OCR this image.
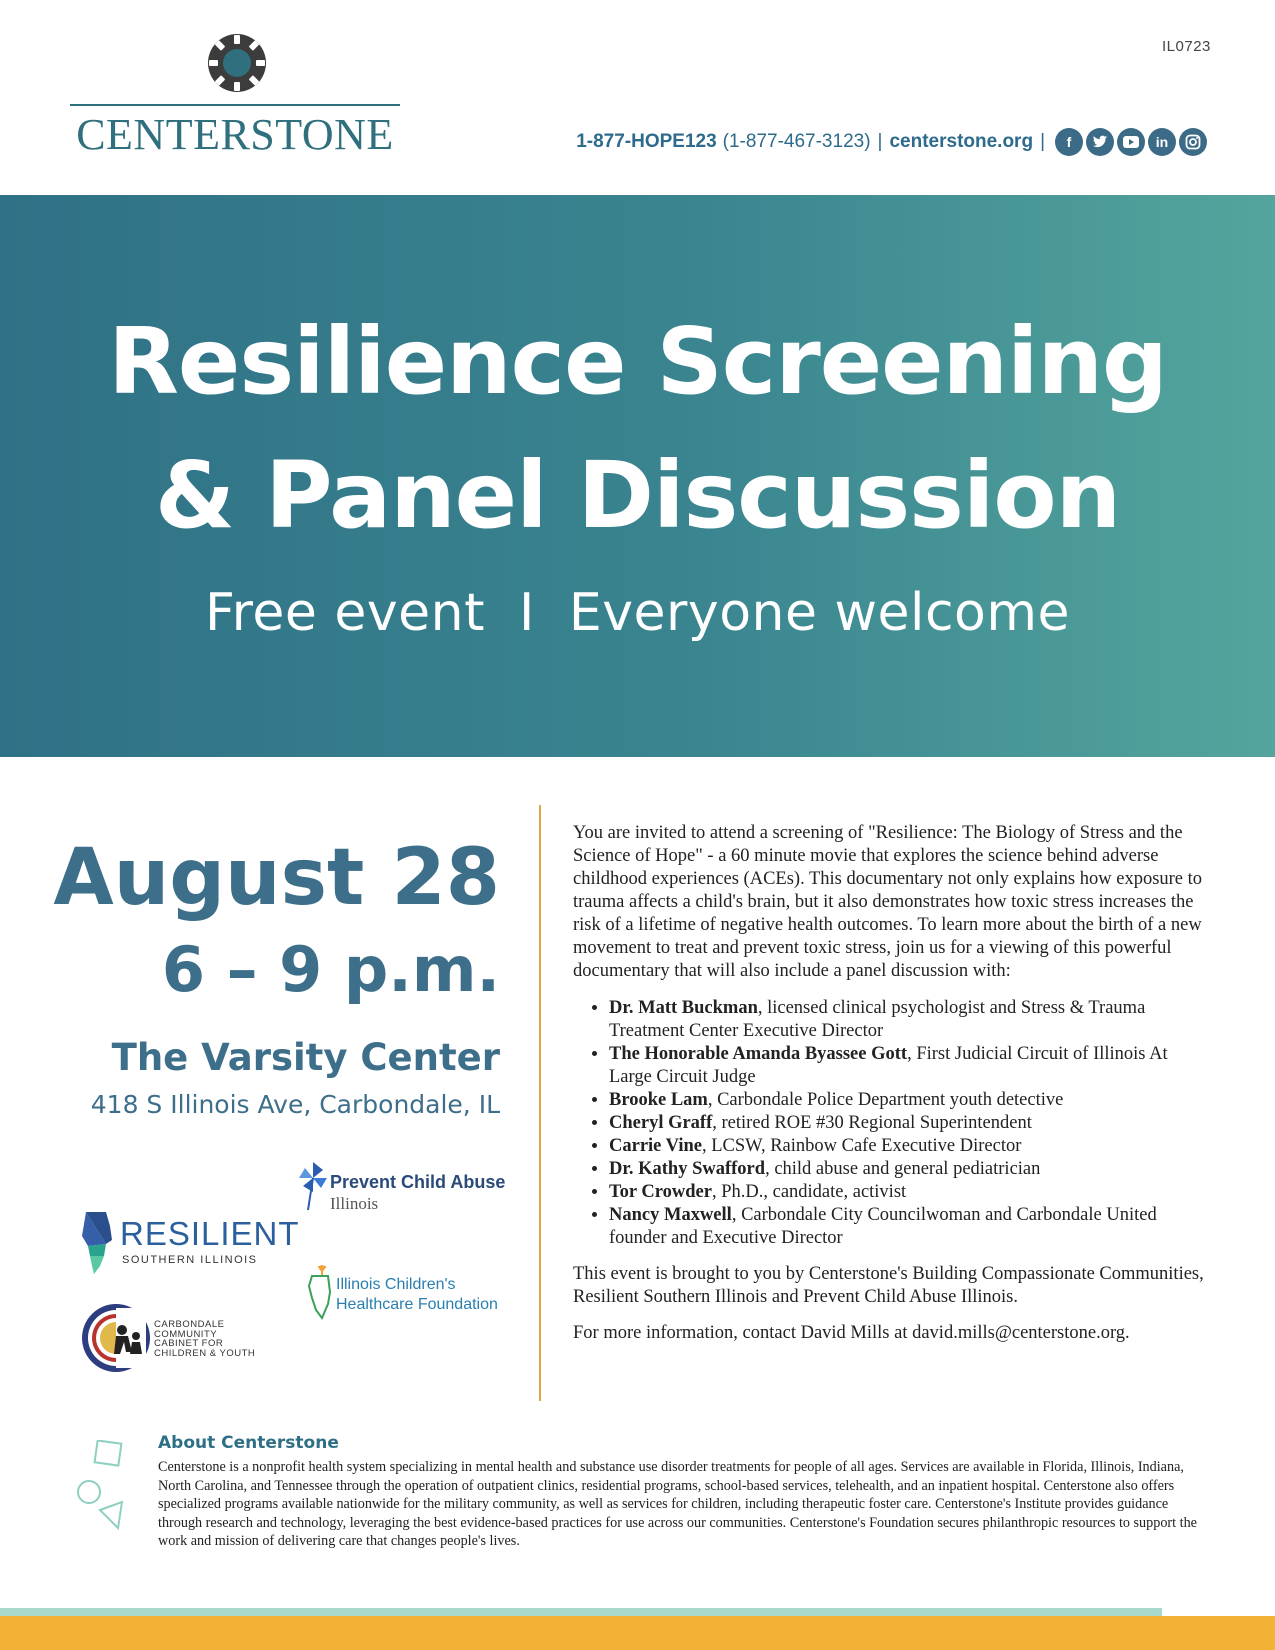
IL0723
CENTERSTONE	1-877-HOPE123 (1-877-467-3123) | centerstone.org |	f	in
Resilience Screening
& Panel Discussion
Free event  I  Everyone welcome
August 28
6 – 9 p.m.
The Varsity Center
418 S Illinois Ave, Carbondale, IL
Prevent Child Abuse
Illinois
RESILIENT
SOUTHERN ILLINOIS
Illinois Children's
Healthcare Foundation
CARBONDALE
COMMUNITY
CABINET FOR
CHILDREN & YOUTH

You are invited to attend a screening of "Resilience: The Biology of Stress and the Science of Hope" - a 60 minute movie that explores the science behind adverse childhood experiences (ACEs). This documentary not only explains how exposure to trauma affects a child's brain, but it also demonstrates how toxic stress increases the risk of a lifetime of negative health outcomes. To learn more about the birth of a new movement to treat and prevent toxic stress, join us for a viewing of this powerful documentary that will also include a panel discussion with:

• Dr. Matt Buckman, licensed clinical psychologist and Stress & Trauma Treatment Center Executive Director
• The Honorable Amanda Byassee Gott, First Judicial Circuit of Illinois At Large Circuit Judge
• Brooke Lam, Carbondale Police Department youth detective
• Cheryl Graff, retired ROE #30 Regional Superintendent
• Carrie Vine, LCSW, Rainbow Cafe Executive Director
• Dr. Kathy Swafford, child abuse and general pediatrician
• Tor Crowder, Ph.D., candidate, activist
• Nancy Maxwell, Carbondale City Councilwoman and Carbondale United founder and Executive Director

This event is brought to you by Centerstone's Building Compassionate Communities, Resilient Southern Illinois and Prevent Child Abuse Illinois.

For more information, contact David Mills at david.mills@centerstone.org.

About Centerstone
Centerstone is a nonprofit health system specializing in mental health and substance use disorder treatments for people of all ages. Services are available in Florida, Illinois, Indiana, North Carolina, and Tennessee through the operation of outpatient clinics, residential programs, school-based services, telehealth, and an inpatient hospital. Centerstone also offers specialized programs available nationwide for the military community, as well as services for children, including therapeutic foster care. Centerstone's Institute provides guidance through research and technology, leveraging the best evidence-based practices for use across our communities. Centerstone's Foundation secures philanthropic resources to support the work and mission of delivering care that changes people's lives.
